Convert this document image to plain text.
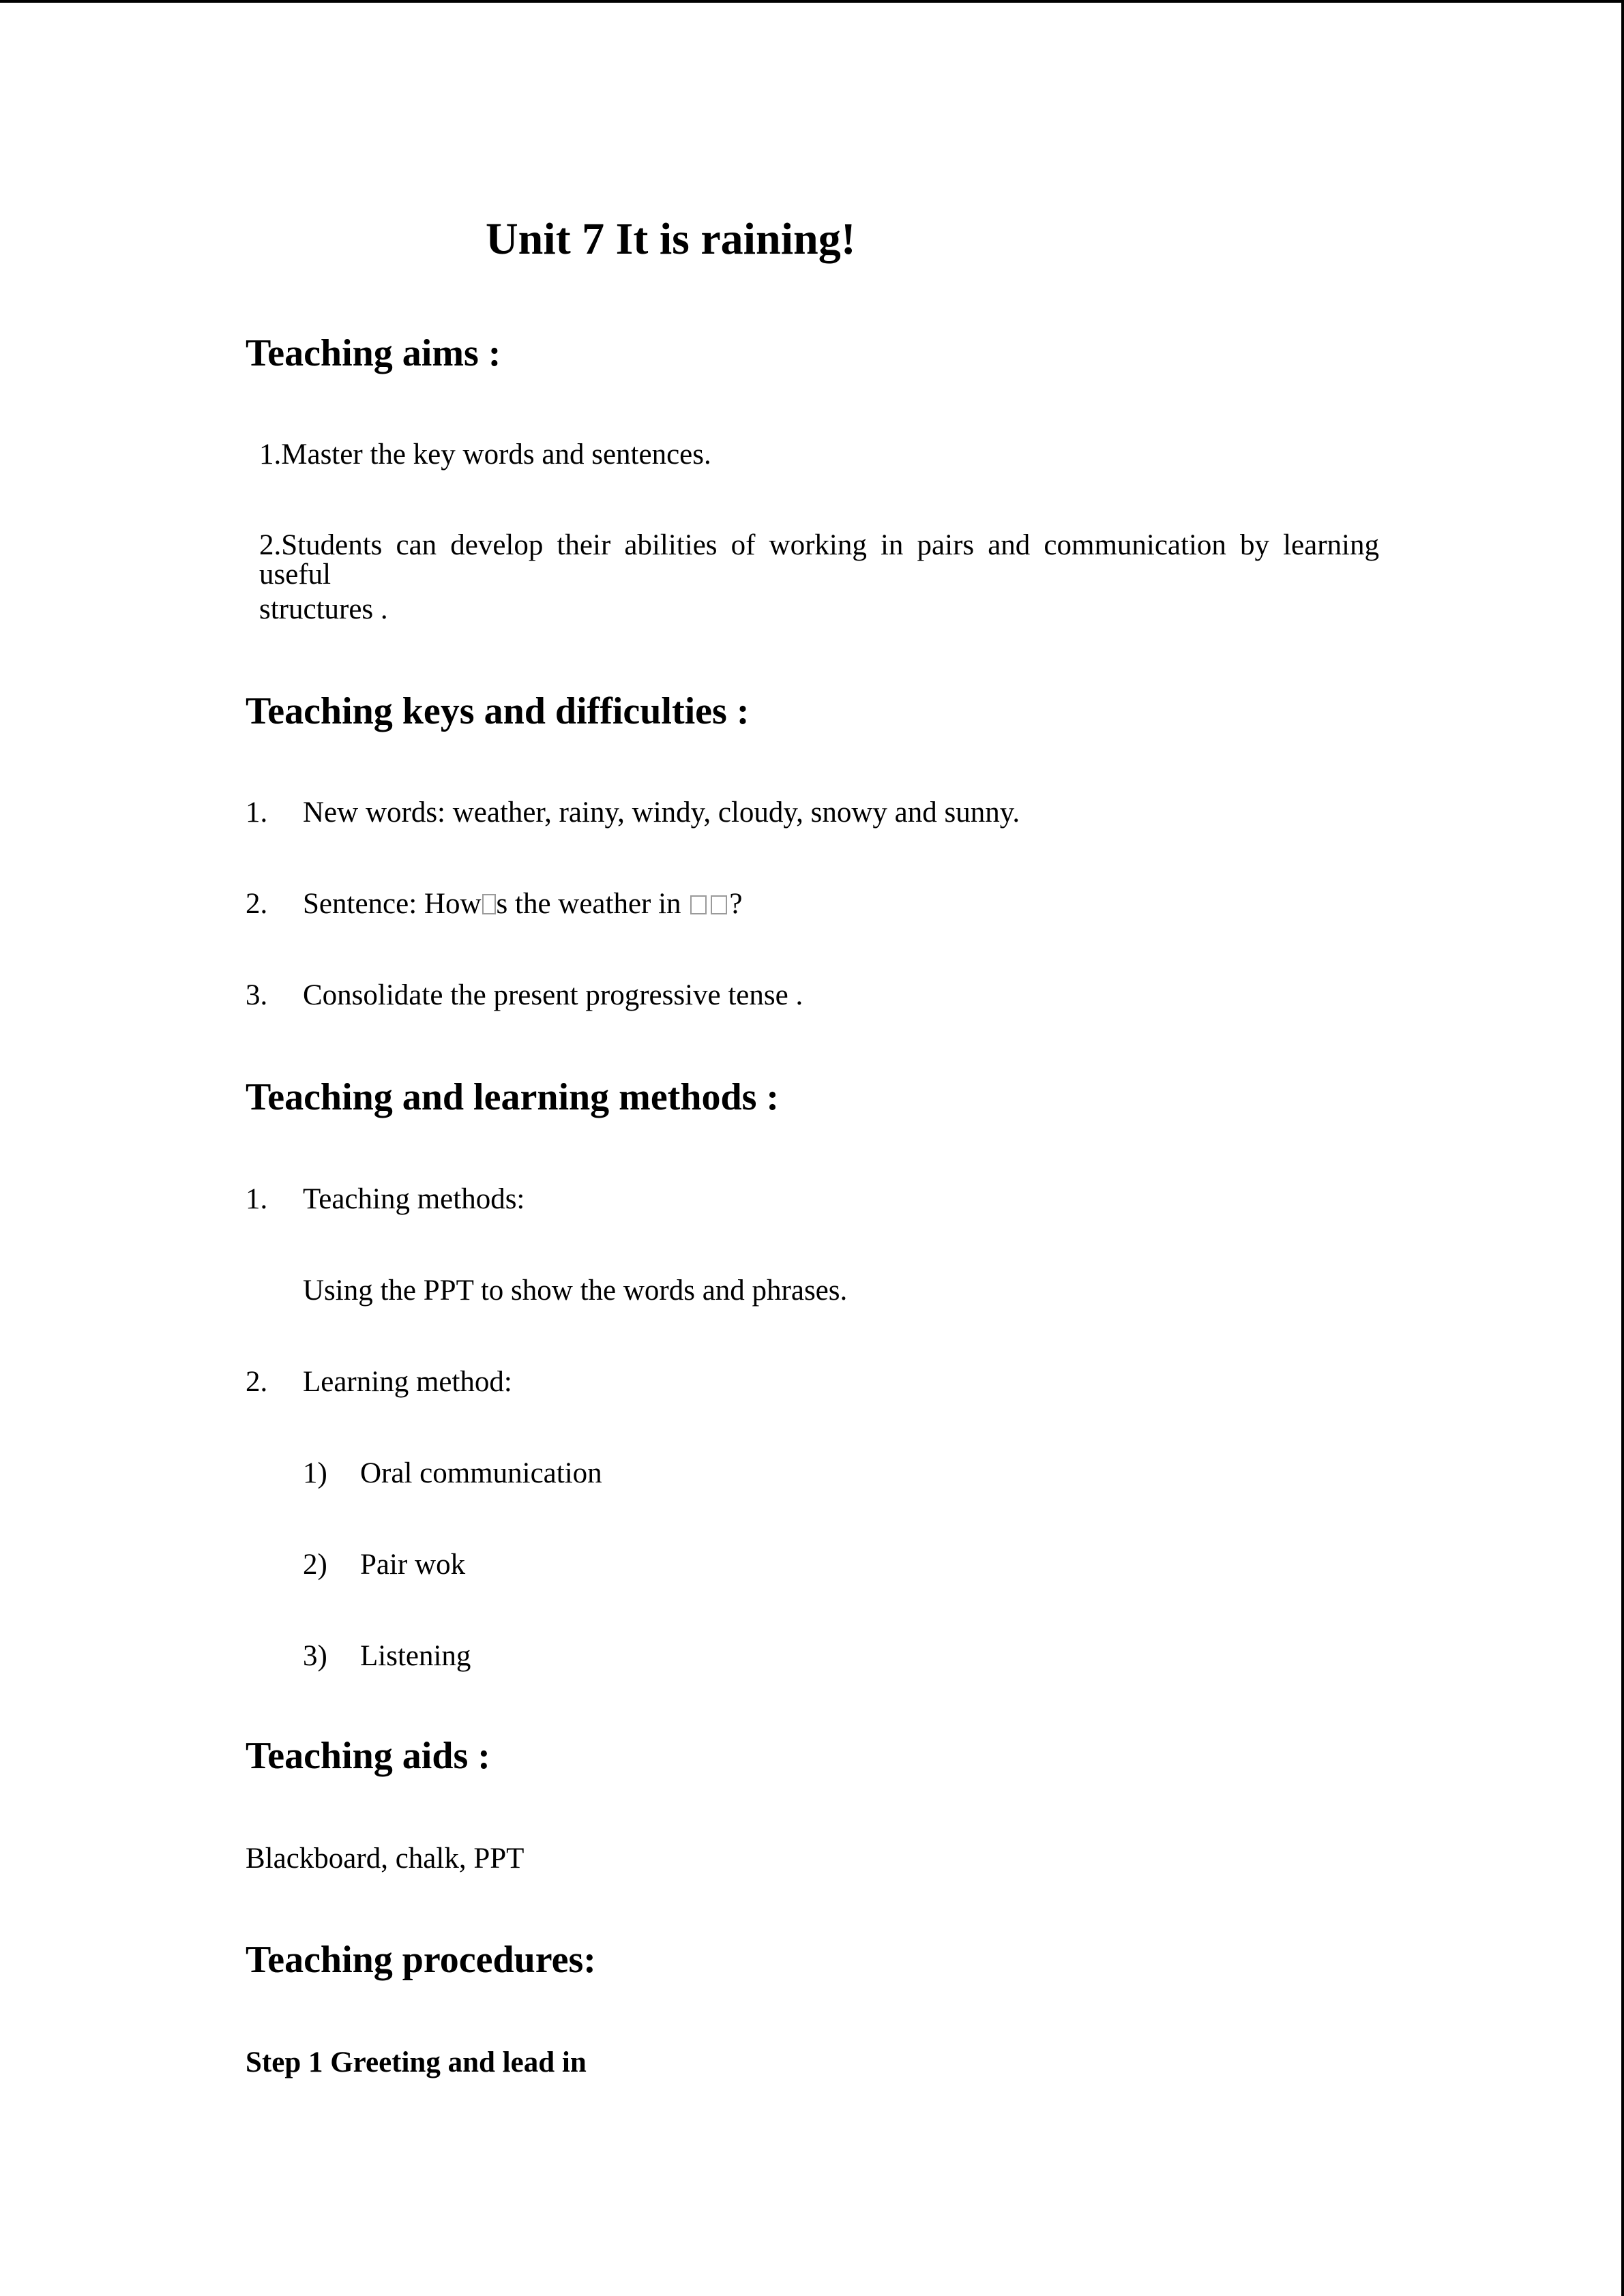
Unit 7 It is raining!
Teaching aims :
1.Master the key words and sentences.
2.Students can develop their abilities of working in pairs and communication by learning useful
structures .
Teaching keys and difficulties :
1. New words: weather, rainy, windy, cloudy, snowy and sunny.
2. Sentence: How s the weather in ?
3. Consolidate the present progressive tense .
Teaching and learning methods :
1. Teaching methods:
Using the PPT to show the words and phrases.
2. Learning method:
1) Oral communication
2) Pair wok
3) Listening
Teaching aids :
Blackboard, chalk, PPT
Teaching procedures:
Step 1 Greeting and lead in
